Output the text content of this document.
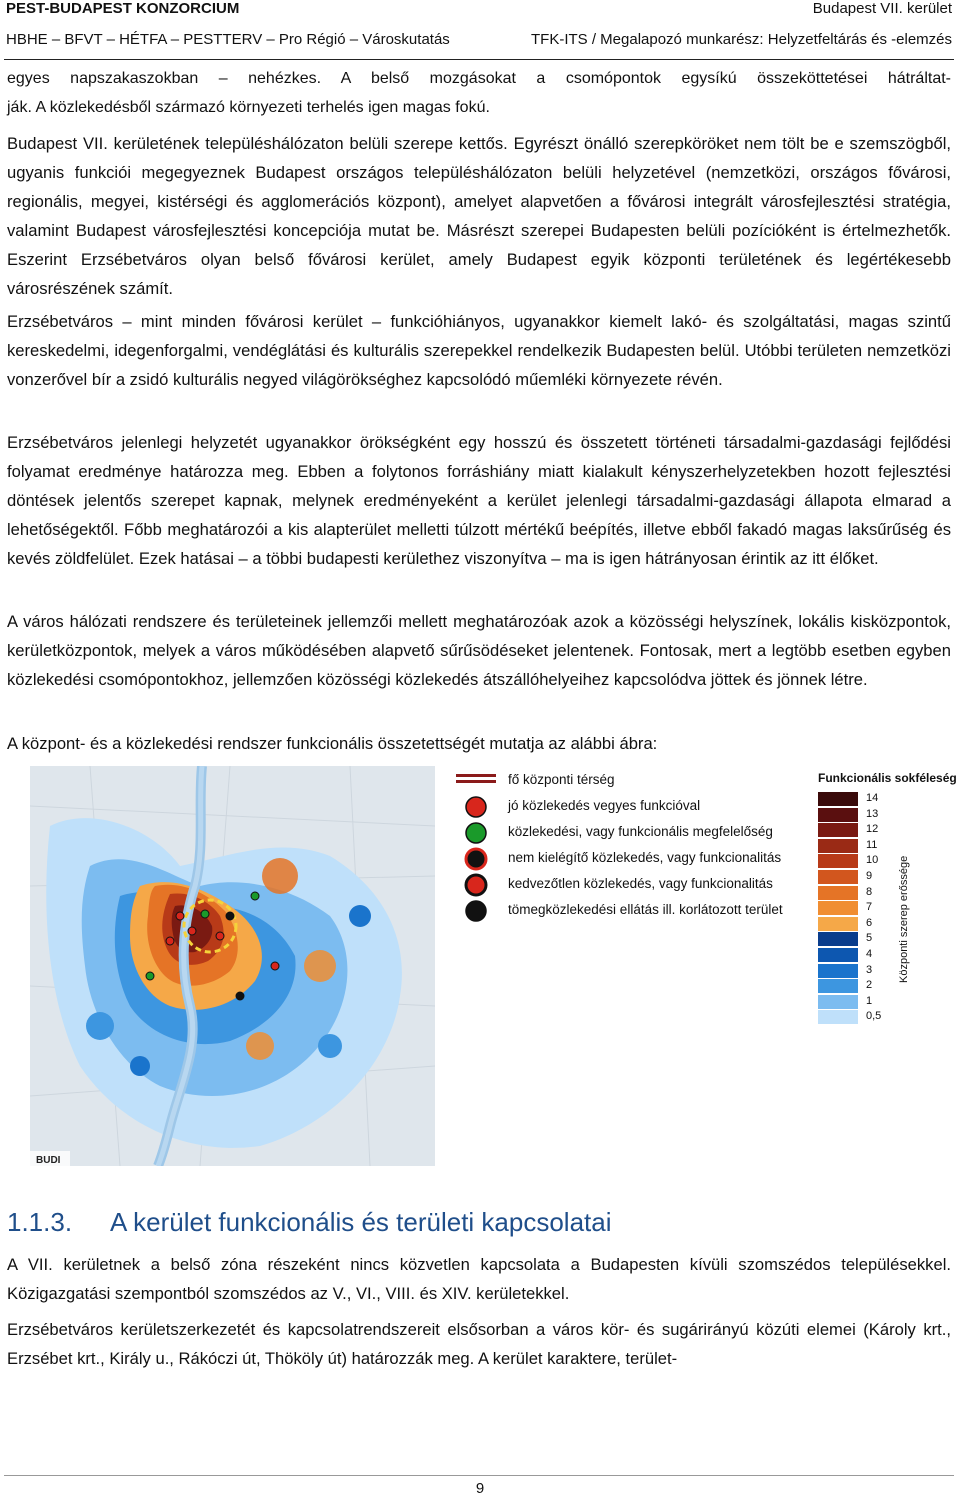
PEST-BUDAPEST KONZORCIUM	Budapest VII. kerület
HBHE – BFVT – HÉTFA – PESTTERV – Pro Régió – Városkutatás	TFK-ITS / Megalapozó munkarész: Helyzetfeltárás és -elemzés
egyes napszakaszokban – nehézkes. A belső mozgásokat a csomópontok egysíkú összeköttetései hátráltat-
ják. A közlekedésből származó környezeti terhelés igen magas fokú.

Budapest VII. kerületének településhálózaton belüli szerepe kettős. Egyrészt önálló szerepköröket nem tölt be e szemszögből, ugyanis funkciói megegyeznek Budapest országos településhálózaton belüli helyzetével (nemzetközi, országos fővárosi, regionális, megyei, kistérségi és agglomerációs központ), amelyet alapvetően a fővárosi integrált városfejlesztési stratégia, valamint Budapest városfejlesztési koncepciója mutat be. Másrészt szerepei Budapesten belüli pozícióként is értelmezhetők. Eszerint Erzsébetváros olyan belső fővárosi kerület, amely Budapest egyik központi területének és legértékesebb városrészének számít.

Erzsébetváros – mint minden fővárosi kerület – funkcióhiányos, ugyanakkor kiemelt lakó- és szolgáltatási, magas szintű kereskedelmi, idegenforgalmi, vendéglátási és kulturális szerepekkel rendelkezik Budapesten belül. Utóbbi területen nemzetközi vonzerővel bír a zsidó kulturális negyed világörökséghez kapcsolódó műemléki környezete révén.

Erzsébetváros jelenlegi helyzetét ugyanakkor örökségként egy hosszú és összetett történeti társadalmi-gazdasági fejlődési folyamat eredménye határozza meg. Ebben a folytonos forráshiány miatt kialakult kényszerhelyzetekben hozott fejlesztési döntések jelentős szerepet kapnak, melynek eredményeként a kerület jelenlegi társadalmi-gazdasági állapota elmarad a lehetőségektől. Főbb meghatározói a kis alapterület melletti túlzott mértékű beépítés, illetve ebből fakadó magas laksűrűség és kevés zöldfelület. Ezek hatásai – a többi budapesti kerülethez viszonyítva – ma is igen hátrányosan érintik az itt élőket.

A város hálózati rendszere és területeinek jellemzői mellett meghatározóak azok a közösségi helyszínek, lokális kisközpontok, kerületközpontok, melyek a város működésében alapvető sűrűsödéseket jelentenek. Fontosak, mert a legtöbb esetben egyben közlekedési csomópontokhoz, jellemzően közösségi közlekedés átszállóhelyeihez kapcsolódva jöttek és jönnek létre.

A központ- és a közlekedési rendszer funkcionális összetettségét mutatja az alábbi ábra:

BUDI
fő központi térség
jó közlekedés vegyes funkcióval
közlekedési, vagy funkcionális megfelelőség
nem kielégítő közlekedés, vagy funkcionalitás
kedvezőtlen közlekedés, vagy funkcionalitás
tömegközlekedési ellátás ill. korlátozott terület
Funkcionális sokféleség
14
13
12
11
10
9
8
7
6
5
4
3
2
1
0,5
Központi szerep erőssége
1.1.3. A kerület funkcionális és területi kapcsolatai

A VII. kerületnek a belső zóna részeként nincs közvetlen kapcsolata a Budapesten kívüli szomszédos településekkel. Közigazgatási szempontból szomszédos az V., VI., VIII. és XIV. kerületekkel.

Erzsébetváros kerületszerkezetét és kapcsolatrendszereit elsősorban a város kör- és sugárirányú közúti elemei (Károly krt., Erzsébet krt., Király u., Rákóczi út, Thököly út) határozzák meg. A kerület karaktere, terület-

9
